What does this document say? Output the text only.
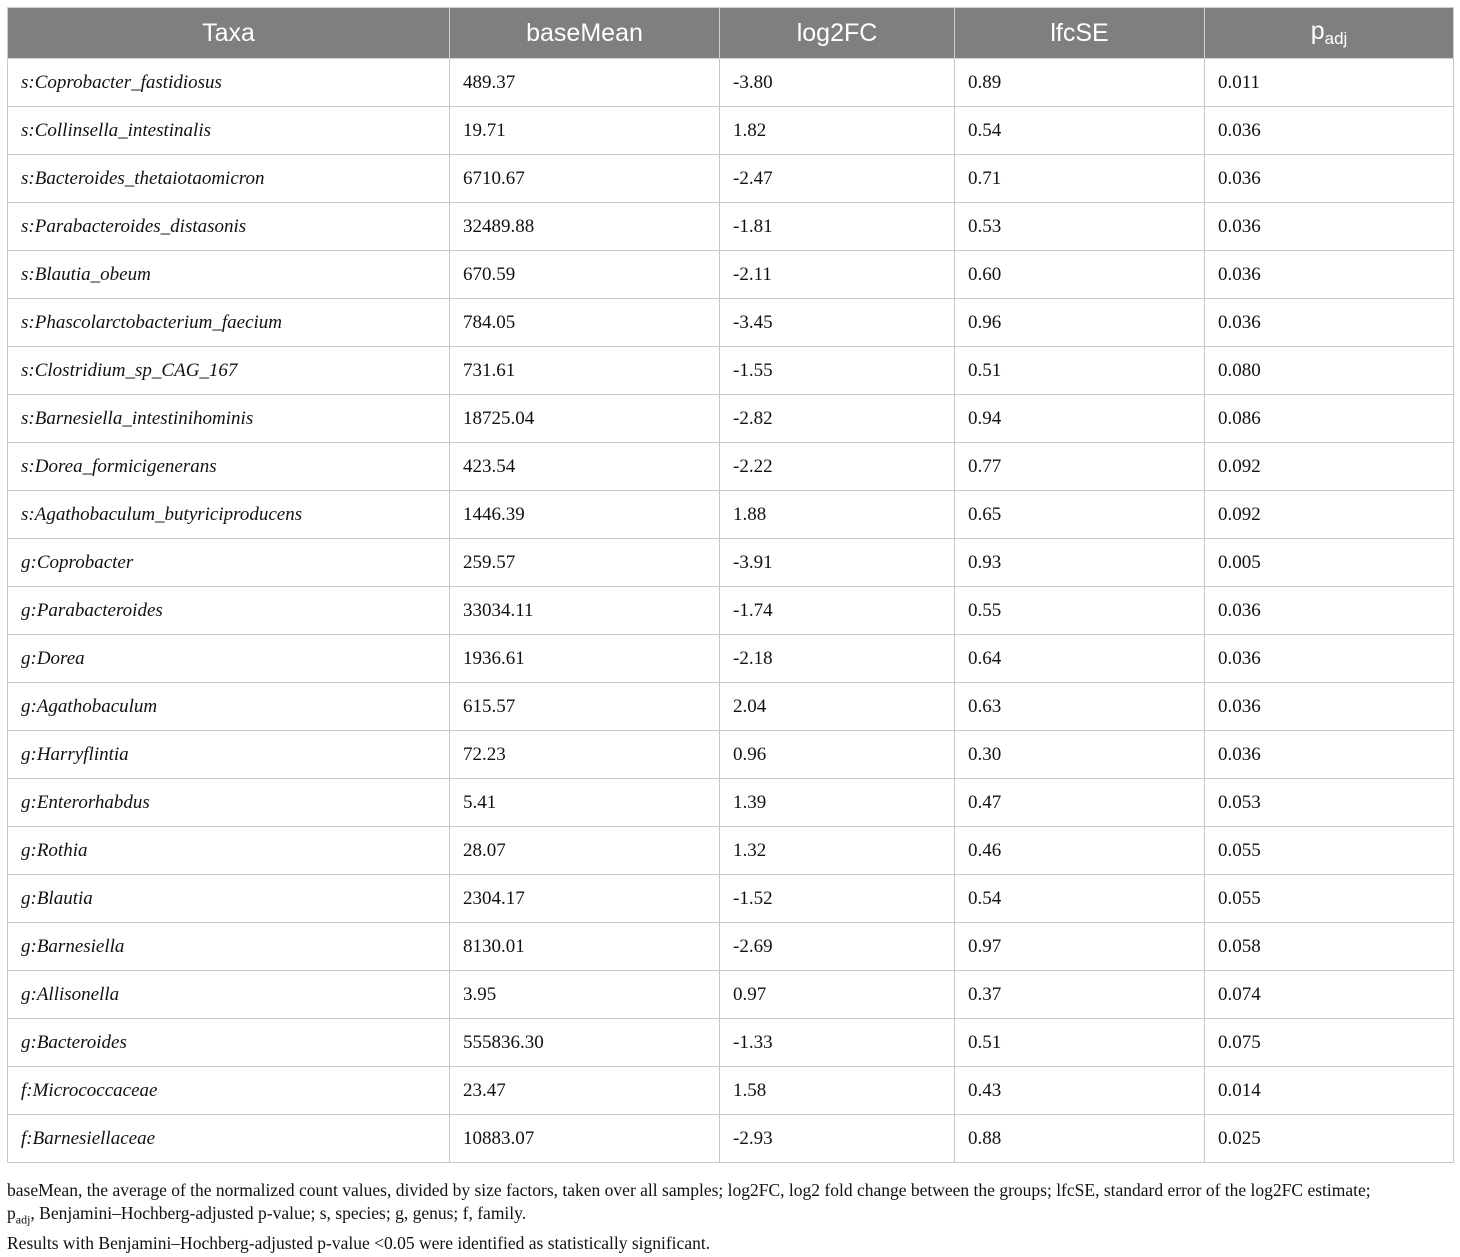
Taxa	baseMean	log2FC	lfcSE	$p_{adj}$
s:Coprobacter_fastidiosus	489.37	-3.80	0.89	0.011
s:Collinsella_intestinalis	19.71	1.82	0.54	0.036
s:Bacteroides_thetaiotaomicron	6710.67	-2.47	0.71	0.036
s:Parabacteroides_distasonis	32489.88	-1.81	0.53	0.036
s:Blautia_obeum	670.59	-2.11	0.60	0.036
s:Phascolarctobacterium_faecium	784.05	-3.45	0.96	0.036
s:Clostridium_sp_CAG_167	731.61	-1.55	0.51	0.080
s:Barnesiella_intestinihominis	18725.04	-2.82	0.94	0.086
s:Dorea_formicigenerans	423.54	-2.22	0.77	0.092
s:Agathobaculum_butyriciproducens	1446.39	1.88	0.65	0.092
g:Coprobacter	259.57	-3.91	0.93	0.005
g:Parabacteroides	33034.11	-1.74	0.55	0.036
g:Dorea	1936.61	-2.18	0.64	0.036
g:Agathobaculum	615.57	2.04	0.63	0.036
g:Harryflintia	72.23	0.96	0.30	0.036
g:Enterorhabdus	5.41	1.39	0.47	0.053
g:Rothia	28.07	1.32	0.46	0.055
g:Blautia	2304.17	-1.52	0.54	0.055
g:Barnesiella	8130.01	-2.69	0.97	0.058
g:Allisonella	3.95	0.97	0.37	0.074
g:Bacteroides	555836.30	-1.33	0.51	0.075
f:Micrococcaceae	23.47	1.58	0.43	0.014
f:Barnesiellaceae	10883.07	-2.93	0.88	0.025

baseMean, the average of the normalized count values, divided by size factors, taken over all samples; log2FC, log2 fold change between the groups; lfcSE, standard error of the log2FC estimate;

$p_{adj}$, Benjamini–Hochberg-adjusted p-value; s, species; g, genus; f, family.

Results with Benjamini–Hochberg-adjusted p-value <0.05 were identified as statistically significant.
